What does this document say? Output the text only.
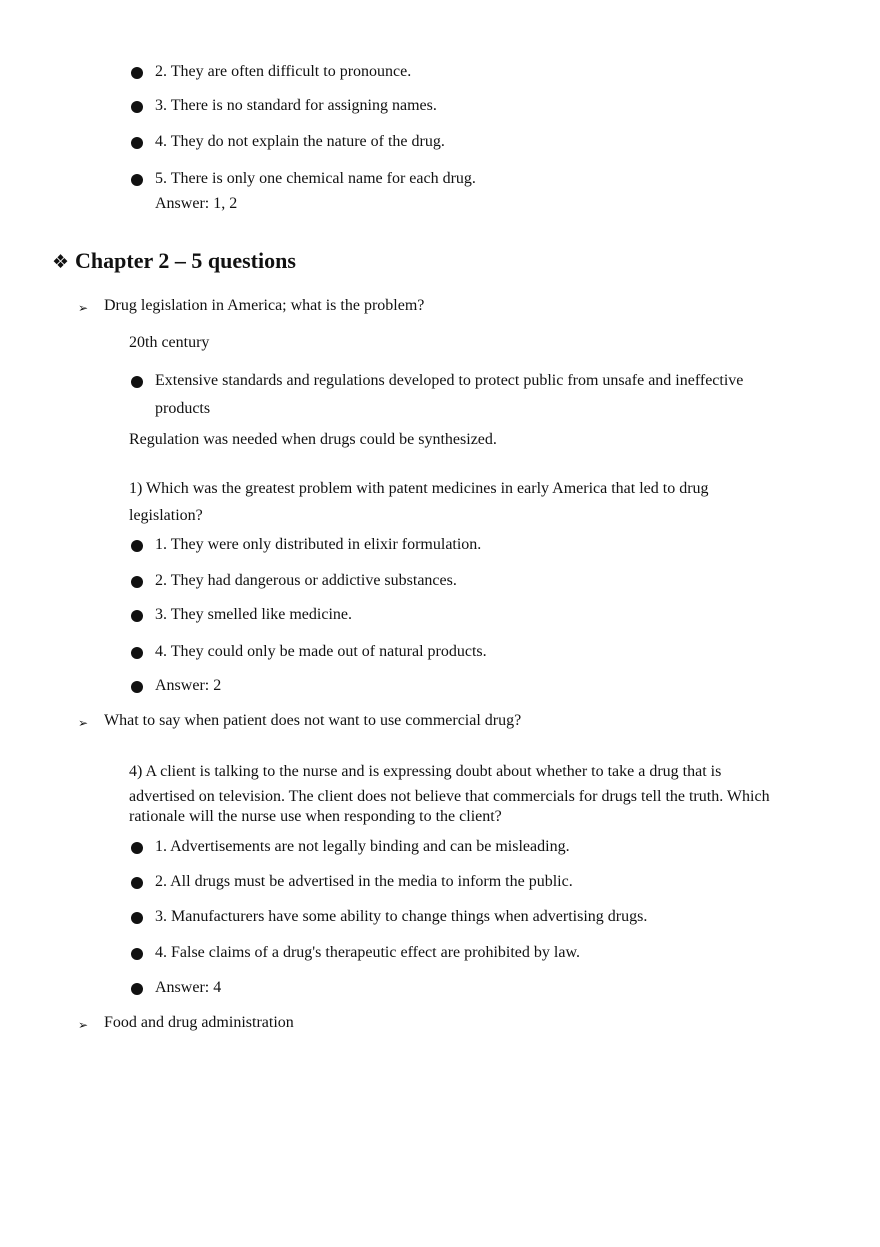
2. They are often difficult to pronounce.
3. There is no standard for assigning names.
4. They do not explain the nature of the drug.
5. There is only one chemical name for each drug.
Answer: 1, 2
❖ Chapter 2 – 5 questions
➢ Drug legislation in America; what is the problem?
20th century
Extensive standards and regulations developed to protect public from unsafe and ineffective
products
Regulation was needed when drugs could be synthesized.
1) Which was the greatest problem with patent medicines in early America that led to drug
legislation?
1. They were only distributed in elixir formulation.
2. They had dangerous or addictive substances.
3. They smelled like medicine.
4. They could only be made out of natural products.
Answer: 2
➢ What to say when patient does not want to use commercial drug?
4) A client is talking to the nurse and is expressing doubt about whether to take a drug that is
advertised on television. The client does not believe that commercials for drugs tell the truth. Which
rationale will the nurse use when responding to the client?
1. Advertisements are not legally binding and can be misleading.
2. All drugs must be advertised in the media to inform the public.
3. Manufacturers have some ability to change things when advertising drugs.
4. False claims of a drug's therapeutic effect are prohibited by law.
Answer: 4
➢ Food and drug administration
